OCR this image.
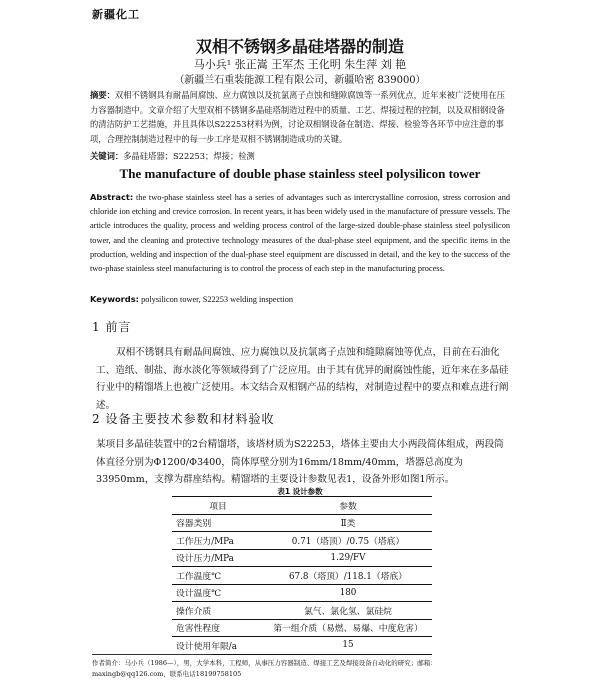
新疆化工
双相不锈钢多晶硅塔器的制造
马小兵¹ 张正嵩 王军杰 王化明 朱生萍 刘 艳
（新疆兰石重装能源工程有限公司，新疆哈密 839000）
摘要：双相不锈钢具有耐晶间腐蚀、应力腐蚀以及抗氯离子点蚀和缝隙腐蚀等一系列优点，近年来被广泛使用在压力容器制造中。文章介绍了大型双相不锈钢多晶硅塔制造过程中的质量、工艺、焊接过程的控制，以及双相钢设备的清洁防护工艺措施，并且具体以S22253材料为例，讨论双相钢设备在制造、焊接、检验等各环节中应注意的事项，合理控制制造过程中的每一步工序是双相不锈钢制造成功的关键。
关键词：多晶硅塔器；S22253；焊接；检测
The manufacture of double phase stainless steel polysilicon tower
Abstract: the two-phase stainless steel has a series of advantages such as intercrystalline corrosion, stress corrosion and chloride ion etching and crevice corrosion. In recent years, it has been widely used in the manufacture of pressure vessels. The article introduces the quality, process and welding process control of the large-sized double-phase stainless steel polysilicon tower, and the cleaning and protective technology measures of the dual-phase steel equipment, and the specific items in the production, welding and inspection of the dual-phase steel equipment are discussed in detail, and the key to the success of the two-phase stainless steel manufacturing is to control the process of each step in the manufacturing process.
Keywords: polysilicon tower, S22253 welding inspection
1 前言
双相不锈钢具有耐晶间腐蚀、应力腐蚀以及抗氯离子点蚀和缝隙腐蚀等优点，目前在石油化工、造纸、制盐、海水淡化等领域得到了广泛应用。由于其有优异的耐腐蚀性能，近年来在多晶硅行业中的精馏塔上也被广泛使用。本文结合双相钢产品的结构，对制造过程中的要点和难点进行阐述。
2 设备主要技术参数和材料验收
某项目多晶硅装置中的2台精馏塔，该塔材质为S22253，塔体主要由大小两段简体组成，两段筒体直径分别为Φ1200/Φ3400，筒体厚壁分别为16mm/18mm/40mm，塔器总高度为33950mm，支撑为群座结构。精馏塔的主要设计参数见表1，设备外形如图1所示。
表1 设计参数
项目	参数
容器类别	Ⅱ类
工作压力/MPa	0.71（塔顶）/0.75（塔底）
设计压力/MPa	1.29/FV
工作温度℃	67.8（塔顶）/118.1（塔底）
设计温度℃	180
操作介质	氯气、氯化氢、氯硅烷
危害性程度	第一组介质（易燃、易爆、中度危害）
设计使用年限/a	15
作者简介：马小兵（1986—），男，大学本科，工程师，从事压力容器制造、焊接工艺及焊接设备自动化的研究；邮箱：
maxingb@qq126.com，联系电话18199758105
